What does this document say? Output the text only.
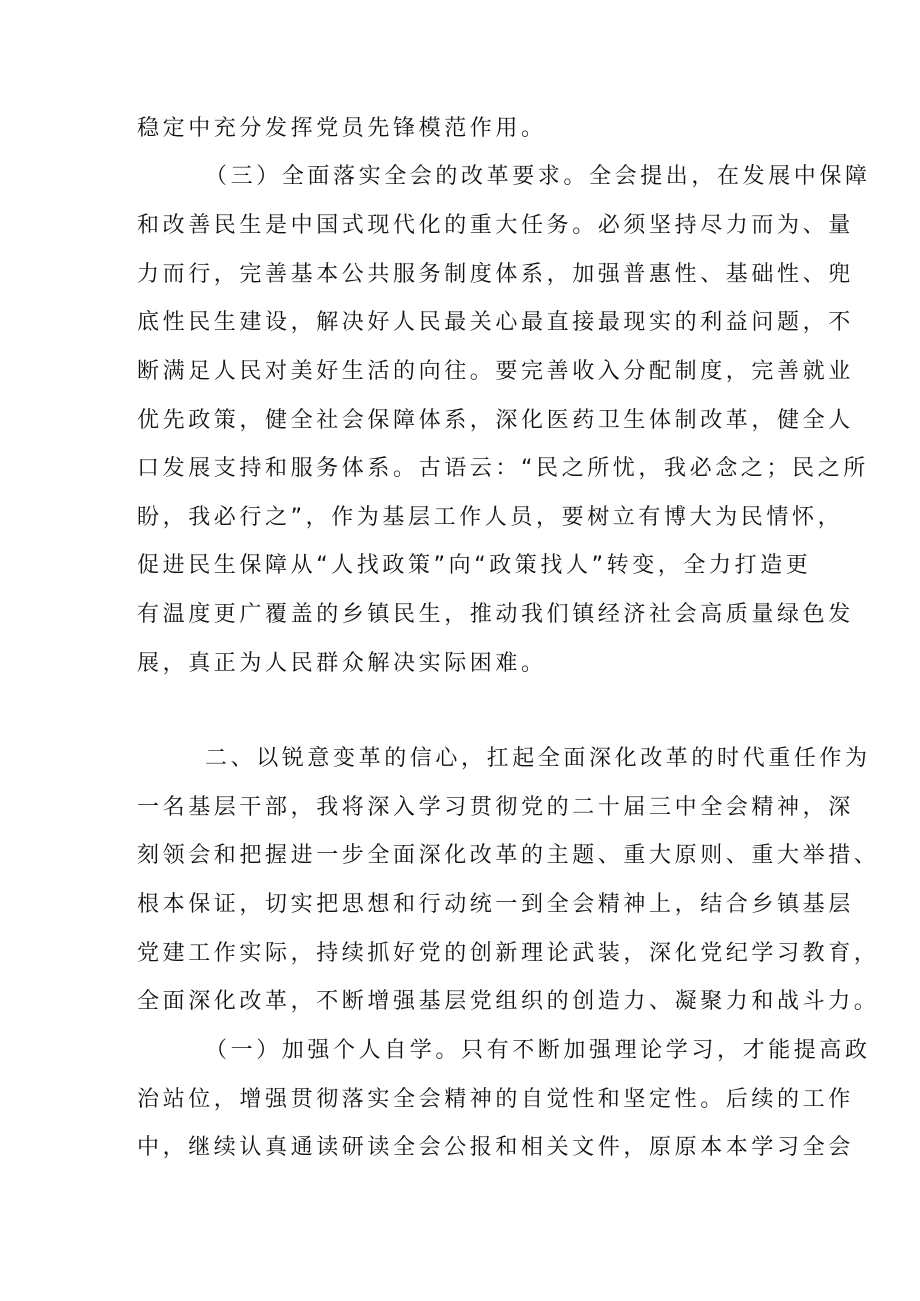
稳定中充分发挥党员先锋模范作用。
（三）全面落实全会的改革要求。全会提出，在发展中保障
和改善民生是中国式现代化的重大任务。必须坚持尽力而为、量
力而行，完善基本公共服务制度体系，加强普惠性、基础性、兜
底性民生建设，解决好人民最关心最直接最现实的利益问题，不
断满足人民对美好生活的向往。要完善收入分配制度，完善就业
优先政策，健全社会保障体系，深化医药卫生体制改革，健全人
口发展支持和服务体系。古语云：“民之所忧，我必念之；民之所
盼，我必行之”，作为基层工作人员，要树立有博大为民情怀，
促进民生保障从“人找政策”向“政策找人”转变，全力打造更
有温度更广覆盖的乡镇民生，推动我们镇经济社会高质量绿色发
展，真正为人民群众解决实际困难。
二、以锐意变革的信心，扛起全面深化改革的时代重任作为
一名基层干部，我将深入学习贯彻党的二十届三中全会精神，深
刻领会和把握进一步全面深化改革的主题、重大原则、重大举措、
根本保证，切实把思想和行动统一到全会精神上，结合乡镇基层
党建工作实际，持续抓好党的创新理论武装，深化党纪学习教育，
全面深化改革，不断增强基层党组织的创造力、凝聚力和战斗力。
（一）加强个人自学。只有不断加强理论学习，才能提高政
治站位，增强贯彻落实全会精神的自觉性和坚定性。后续的工作
中，继续认真通读研读全会公报和相关文件，原原本本学习全会
